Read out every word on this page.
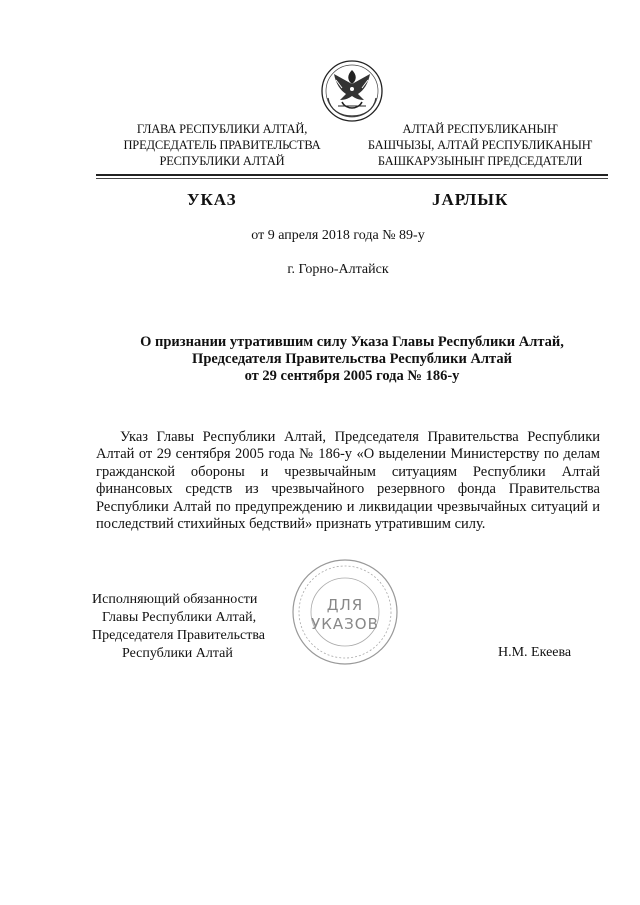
ГЛАВА РЕСПУБЛИКИ АЛТАЙ,
ПРЕДСЕДАТЕЛЬ ПРАВИТЕЛЬСТВА
РЕСПУБЛИКИ АЛТАЙ
АЛТАЙ РЕСПУБЛИКАНЫҤ
БАШЧЫЗЫ, АЛТАЙ РЕСПУБЛИКАНЫҤ
БАШКАРУЗЫНЫҤ ПРЕДСЕДАТЕЛИ
УКАЗ	JАРЛЫК
от 9 апреля 2018 года № 89-у
г. Горно-Алтайск
О признании утратившим силу Указа Главы Республики Алтай,
Председателя Правительства Республики Алтай
от 29 сентября 2005 года № 186-у
Указ Главы Республики Алтай, Председателя Правительства Республики Алтай от 29 сентября 2005 года № 186-у «О выделении Министерству по делам гражданской обороны и чрезвычайным ситуациям Республики Алтай финансовых средств из чрезвычайного резервного фонда Правительства Республики Алтай по предупреждению и ликвидации чрезвычайных ситуаций и последствий стихийных бедствий» признать утратившим силу.
ДЛЯ
УКАЗОВ
Исполняющий обязанности
Главы Республики Алтай,
Председателя Правительства
Республики Алтай	Н.М. Екеева
